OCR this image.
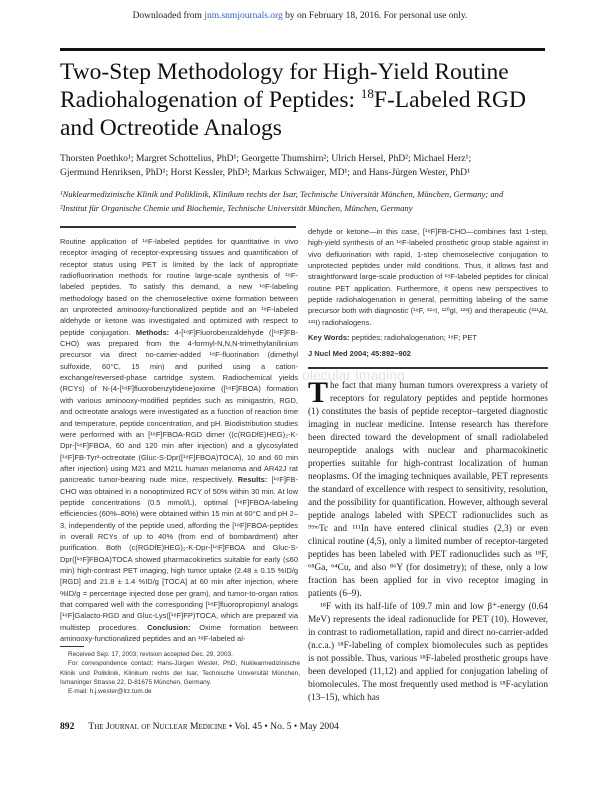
Downloaded from jnm.snmjournals.org by on February 18, 2016. For personal use only.
Two-Step Methodology for High-Yield Routine
Radiohalogenation of Peptides: $^{18}$F-Labeled RGD
and Octreotide Analogs
Thorsten Poethko¹; Margret Schottelius, PhD¹; Georgette Thumshirn²; Ulrich Hersel, PhD²; Michael Herz¹;
Gjermund Henriksen, PhD¹; Horst Kessler, PhD²; Markus Schwaiger, MD¹; and Hans-Jürgen Wester, PhD¹
¹Nuklearmedizinische Klinik und Poliklinik, Klinikum rechts der Isar, Technische Universität München, München, Germany; and
²Institut für Organische Chemie und Biochemie, Technische Universität München, München, Germany
Routine application of ¹⁸F-labeled peptides for quantitative in vivo receptor imaging of receptor-expressing tissues and quantification of receptor status using PET is limited by the lack of appropriate radiofluorination methods for routine large-scale synthesis of ¹⁸F-labeled peptides. To satisfy this demand, a new ¹⁸F-labeling methodology based on the chemoselective oxime formation between an unprotected aminooxy-functionalized peptide and an ¹⁸F-labeled aldehyde or ketone was investigated and optimized with respect to peptide conjugation. Methods: 4-[¹⁸F]Fluorobenzaldehyde ([¹⁸F]FB-CHO) was prepared from the 4-formyl-N,N,N-trimethylanilinium precursor via direct no-carrier-added ¹⁸F-fluorination (dimethyl sulfoxide, 60°C, 15 min) and purified using a cation-exchange/reversed-phase cartridge system. Radiochemical yields (RCYs) of N-(4-[¹⁸F]fluorobenzylidene)oxime ([¹⁸F]FBOA) formation with various aminooxy-modified peptides such as minigastrin, RGD, and octreotate analogs were investigated as a function of reaction time and temperature, peptide concentration, and pH. Biodistribution studies were performed with an [¹⁸F]FBOA-RGD dimer ((c(RGDfE)HEG)₂-K-Dpr-[¹⁸F]FBOA, 60 and 120 min after injection) and a glycosylated [¹⁸F]FB-Tyr³-octreotate (Gluc-S-Dpr([¹⁸F]FBOA)TOCA), 10 and 60 min after injection) using M21 and M21L human melanoma and AR42J rat pancreatic tumor-bearing nude mice, respectively. Results: [¹⁸F]FB-CHO was obtained in a nonoptimized RCY of 50% within 30 min. At low peptide concentrations (0.5 mmol/L), optimal [¹⁸F]FBOA-labeling efficiencies (60%–80%) were obtained within 15 min at 60°C and pH 2–3, independently of the peptide used, affording the [¹⁸F]FBOA-peptides in overall RCYs of up to 40% (from end of bombardment) after purification. Both (c(RGDfE)HEG)₂-K-Dpr-[¹⁸F]FBOA and Gluc-S-Dpr([¹⁸F]FBOA)TOCA showed pharmacokinetics suitable for early (≤60 min) high-contrast PET imaging, high tumor uptake (2.48 ± 0.15 %ID/g [RGD] and 21.8 ± 1.4 %ID/g [TOCA] at 60 min after injection, where %ID/g = percentage injected dose per gram), and tumor-to-organ ratios that compared well with the corresponding [¹⁸F]fluoropropionyl analogs [¹⁸F]Galacto-RGD and Gluc-Lys([¹⁸F]FP)TOCA, which are prepared via multistep procedures. Conclusion: Oxime formation between aminooxy-functionalized peptides and an ¹⁸F-labeled al-
dehyde or ketone—in this case, [¹⁸F]FB-CHO—combines fast 1-step, high-yield synthesis of an ¹⁸F-labeled prosthetic group stable against in vivo defluorination with rapid, 1-step chemoselective conjugation to unprotected peptides under mild conditions. Thus, it allows fast and straightforward large-scale production of ¹⁸F-labeled peptides for clinical routine PET application. Furthermore, it opens new perspectives to peptide radiohalogenation in general, permitting labeling of the same precursor both with diagnostic (¹⁸F, ¹²⁴I, ¹²⁰gI, ¹²³I) and therapeutic (²¹¹At, ¹³¹I) radiohalogens.
Key Words: peptides; radiohalogenation; ¹⁸F; PET
J Nucl Med 2004; 45:892–902
olecular Imaging

The fact that many human tumors overexpress a variety of receptors for regulatory peptides and peptide hormones (1) constitutes the basis of peptide receptor–targeted diagnostic imaging in nuclear medicine. Intense research has therefore been directed toward the development of small radiolabeled neuropeptide analogs with nuclear and pharmacokinetic properties suitable for high-contrast localization of human neoplasms. Of the imaging techniques available, PET represents the standard of excellence with respect to sensitivity, resolution, and the possibility for quantification. However, although several peptide analogs labeled with SPECT radionuclides such as ⁹⁹ᵐTc and ¹¹¹In have entered clinical studies (2,3) or even clinical routine (4,5), only a limited number of receptor-targeted peptides has been labeled with PET radionuclides such as ¹⁸F, ⁶⁸Ga, ⁶⁴Cu, and also ⁸⁶Y (for dosimetry); of these, only a low fraction has been applied for in vivo receptor imaging in patients (6–9).

¹⁸F with its half-life of 109.7 min and low β⁺-energy (0.64 MeV) represents the ideal radionuclide for PET (10). However, in contrast to radiometallation, rapid and direct no-carrier-added (n.c.a.) ¹⁸F-labeling of complex biomolecules such as peptides is not possible. Thus, various ¹⁸F-labeled prosthetic groups have been developed (11,12) and applied for conjugation labeling of biomolecules. The most frequently used method is ¹⁸F-acylation (13–15), which has

Received Sep. 17, 2003; revision accepted Dec. 29, 2003.
For correspondence contact: Hans-Jürgen Wester, PhD, Nuklearmedizinische Klinik und Poliklinik, Klinikum rechts der Isar, Technische Universität München, Ismaninger Strasse 22, D-81675 München, Germany.
E-mail: h.j.wester@lrz.tum.de
892 The Journal of Nuclear Medicine • Vol. 45 • No. 5 • May 2004
